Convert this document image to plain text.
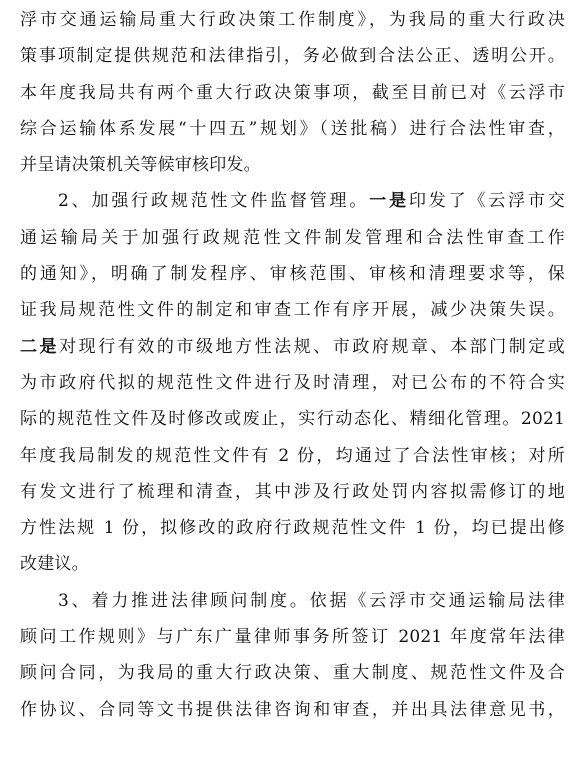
浮市交通运输局重大行政决策工作制度》，为我局的重大行政决
策事项制定提供规范和法律指引，务必做到合法公正、透明公开。
本年度我局共有两个重大行政决策事项，截至目前已对《云浮市
综合运输体系发展“十四五”规划》（送批稿）进行合法性审查，
并呈请决策机关等候审核印发。
2、加强行政规范性文件监督管理。一是印发了《云浮市交
通运输局关于加强行政规范性文件制发管理和合法性审查工作
的通知》，明确了制发程序、审核范围、审核和清理要求等，保
证我局规范性文件的制定和审查工作有序开展，减少决策失误。
二是对现行有效的市级地方性法规、市政府规章、本部门制定或
为市政府代拟的规范性文件进行及时清理，对已公布的不符合实
际的规范性文件及时修改或废止，实行动态化、精细化管理。2021
年度我局制发的规范性文件有 2 份，均通过了合法性审核；对所
有发文进行了梳理和清查，其中涉及行政处罚内容拟需修订的地
方性法规 1 份，拟修改的政府行政规范性文件 1 份，均已提出修
改建议。
3、着力推进法律顾问制度。依据《云浮市交通运输局法律
顾问工作规则》与广东广量律师事务所签订 2021 年度常年法律
顾问合同，为我局的重大行政决策、重大制度、规范性文件及合
作协议、合同等文书提供法律咨询和审查，并出具法律意见书，
